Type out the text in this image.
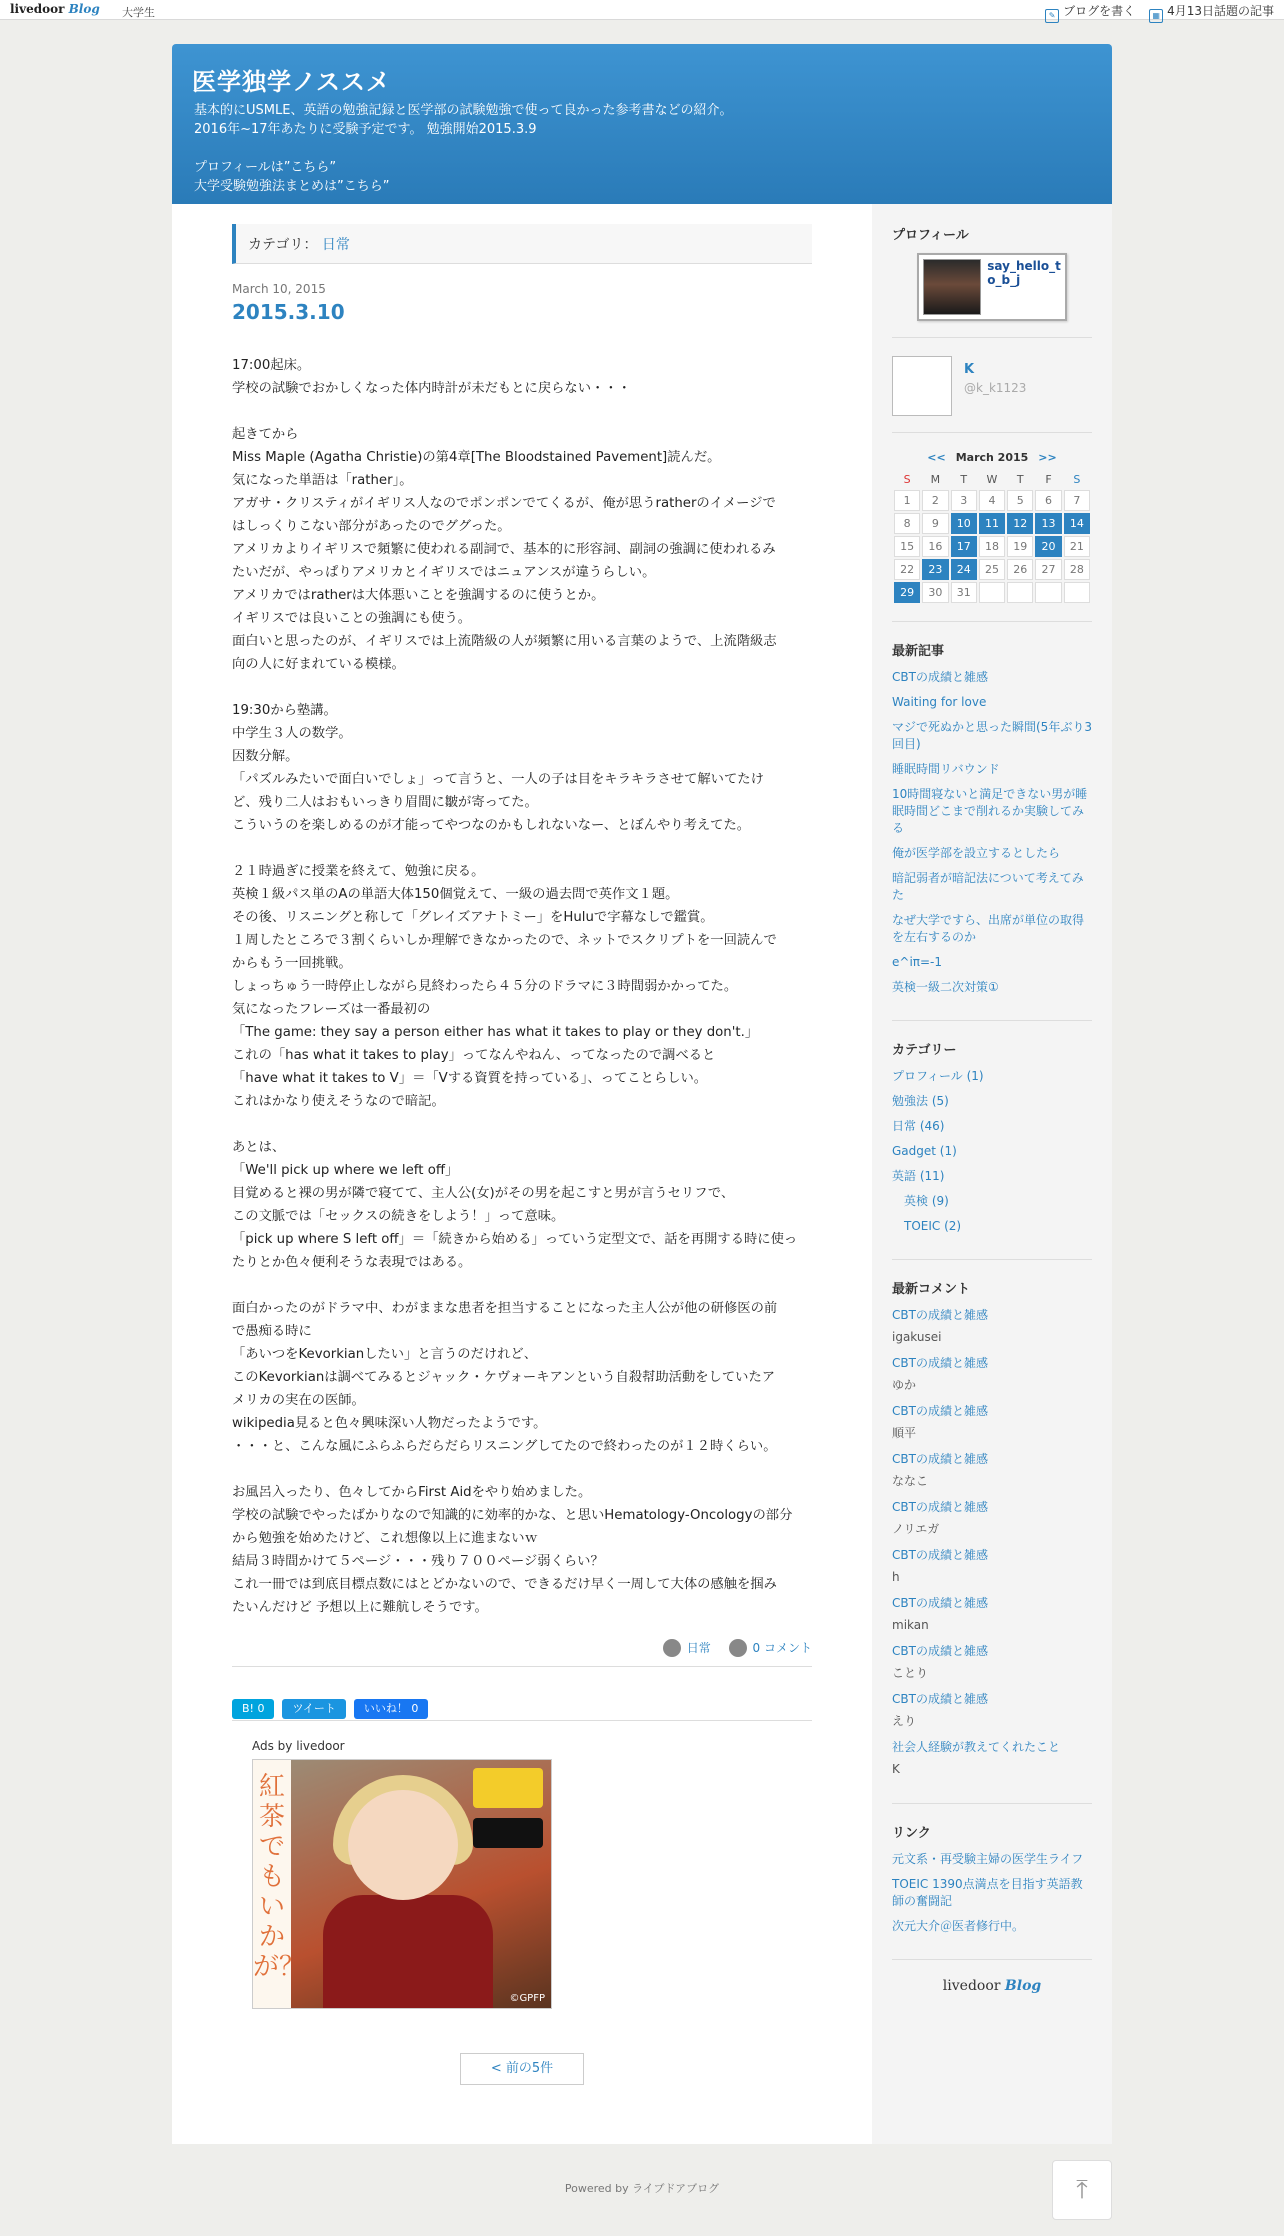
livedoor Blog 大学生	✎ ブログを書く	▦ 4月13日話題の記事
医学独学ノススメ
基本的にUSMLE、英語の勉強記録と医学部の試験勉強で使って良かった参考書などの紹介。
2016年~17年あたりに受験予定です。 勉強開始2015.3.9
プロフィールは”こちら”
大学受験勉強法まとめは”こちら”
カテゴリ： 日常
March 10, 2015
2015.3.10

17:00起床。

学校の試験でおかしくなった体内時計が未だもとに戻らない・・・

起きてから

Miss Maple (Agatha Christie)の第4章[The Bloodstained Pavement]読んだ。

気になった単語は「rather」。

アガサ・クリスティがイギリス人なのでポンポンでてくるが、俺が思うratherのイメージで

はしっくりこない部分があったのでググった。

アメリカよりイギリスで頻繁に使われる副詞で、基本的に形容詞、副詞の強調に使われるみ

たいだが、やっぱりアメリカとイギリスではニュアンスが違うらしい。

アメリカではratherは大体悪いことを強調するのに使うとか。

イギリスでは良いことの強調にも使う。

面白いと思ったのが、イギリスでは上流階級の人が頻繁に用いる言葉のようで、上流階級志

向の人に好まれている模様。

19:30から塾講。

中学生３人の数学。

因数分解。

「パズルみたいで面白いでしょ」って言うと、一人の子は目をキラキラさせて解いてたけ

ど、残り二人はおもいっきり眉間に皺が寄ってた。

こういうのを楽しめるのが才能ってやつなのかもしれないなー、とぼんやり考えてた。

２１時過ぎに授業を終えて、勉強に戻る。

英検１級パス単のAの単語大体150個覚えて、一級の過去問で英作文１題。

その後、リスニングと称して「グレイズアナトミー」をHuluで字幕なしで鑑賞。

１周したところで３割くらいしか理解できなかったので、ネットでスクリプトを一回読んで

からもう一回挑戦。

しょっちゅう一時停止しながら見終わったら４５分のドラマに３時間弱かかってた。

気になったフレーズは一番最初の

「The game: they say a person either has what it takes to play or they don't.」

これの「has what it takes to play」ってなんやねん、ってなったので調べると

「have what it takes to V」＝「Vする資質を持っている」、ってことらしい。

これはかなり使えそうなので暗記。

あとは、

「We'll pick up where we left off」

目覚めると裸の男が隣で寝てて、主人公(女)がその男を起こすと男が言うセリフで、

この文脈では「セックスの続きをしよう！」って意味。

「pick up where S left off」＝「続きから始める」っていう定型文で、話を再開する時に使っ

たりとか色々便利そうな表現ではある。

面白かったのがドラマ中、わがままな患者を担当することになった主人公が他の研修医の前

で愚痴る時に

「あいつをKevorkianしたい」と言うのだけれど、

このKevorkianは調べてみるとジャック・ケヴォーキアンという自殺幇助活動をしていたア

メリカの実在の医師。

wikipedia見ると色々興味深い人物だったようです。

・・・と、こんな風にふらふらだらだらリスニングしてたので終わったのが１２時くらい。

お風呂入ったり、色々してからFirst Aidをやり始めました。

学校の試験でやったばかりなので知識的に効率的かな、と思いHematology-Oncologyの部分

から勉強を始めたけど、これ想像以上に進まないｗ

結局３時間かけて５ページ・・・残り７００ページ弱くらい？

これ一冊では到底目標点数にはとどかないので、できるだけ早く一周して大体の感触を掴み

たいんだけど 予想以上に難航しそうです。

日常	0 コメント
B! 0	ツイート	いいね！ 0
Ads by livedoor
紅茶でもいかが？
©GPFP
< 前の5件
プロフィール
say_hello_to_b_j
K
@k_k1123
<< March 2015 >>
S	M	T	W	T	F	S
1	2	3	4	5	6	7
8	9	10	11	12	13	14
15	16	17	18	19	20	21
22	23	24	25	26	27	28
29	30	31				
最新記事
CBTの成績と雑感
Waiting for love
マジで死ぬかと思った瞬間(5年ぶり3回目)
睡眠時間リバウンド
10時間寝ないと満足できない男が睡眠時間どこまで削れるか実験してみる
俺が医学部を設立するとしたら
暗記弱者が暗記法について考えてみた
なぜ大学ですら、出席が単位の取得を左右するのか
e^iπ=-1
英検一級二次対策①
カテゴリー
プロフィール (1)
勉強法 (5)
日常 (46)
Gadget (1)
英語 (11)
英検 (9)
TOEIC (2)
最新コメント
CBTの成績と雑感
igakusei
CBTの成績と雑感
ゆか
CBTの成績と雑感
順平
CBTの成績と雑感
ななこ
CBTの成績と雑感
ノリエガ
CBTの成績と雑感
h
CBTの成績と雑感
mikan
CBTの成績と雑感
ことり
CBTの成績と雑感
えり
社会人経験が教えてくれたこと
K
リンク
元文系・再受験主婦の医学生ライフ
TOEIC 1390点満点を目指す英語教師の奮闘記
次元大介＠医者修行中。
livedoor Blog
Powered by ライブドアブログ	⤒
